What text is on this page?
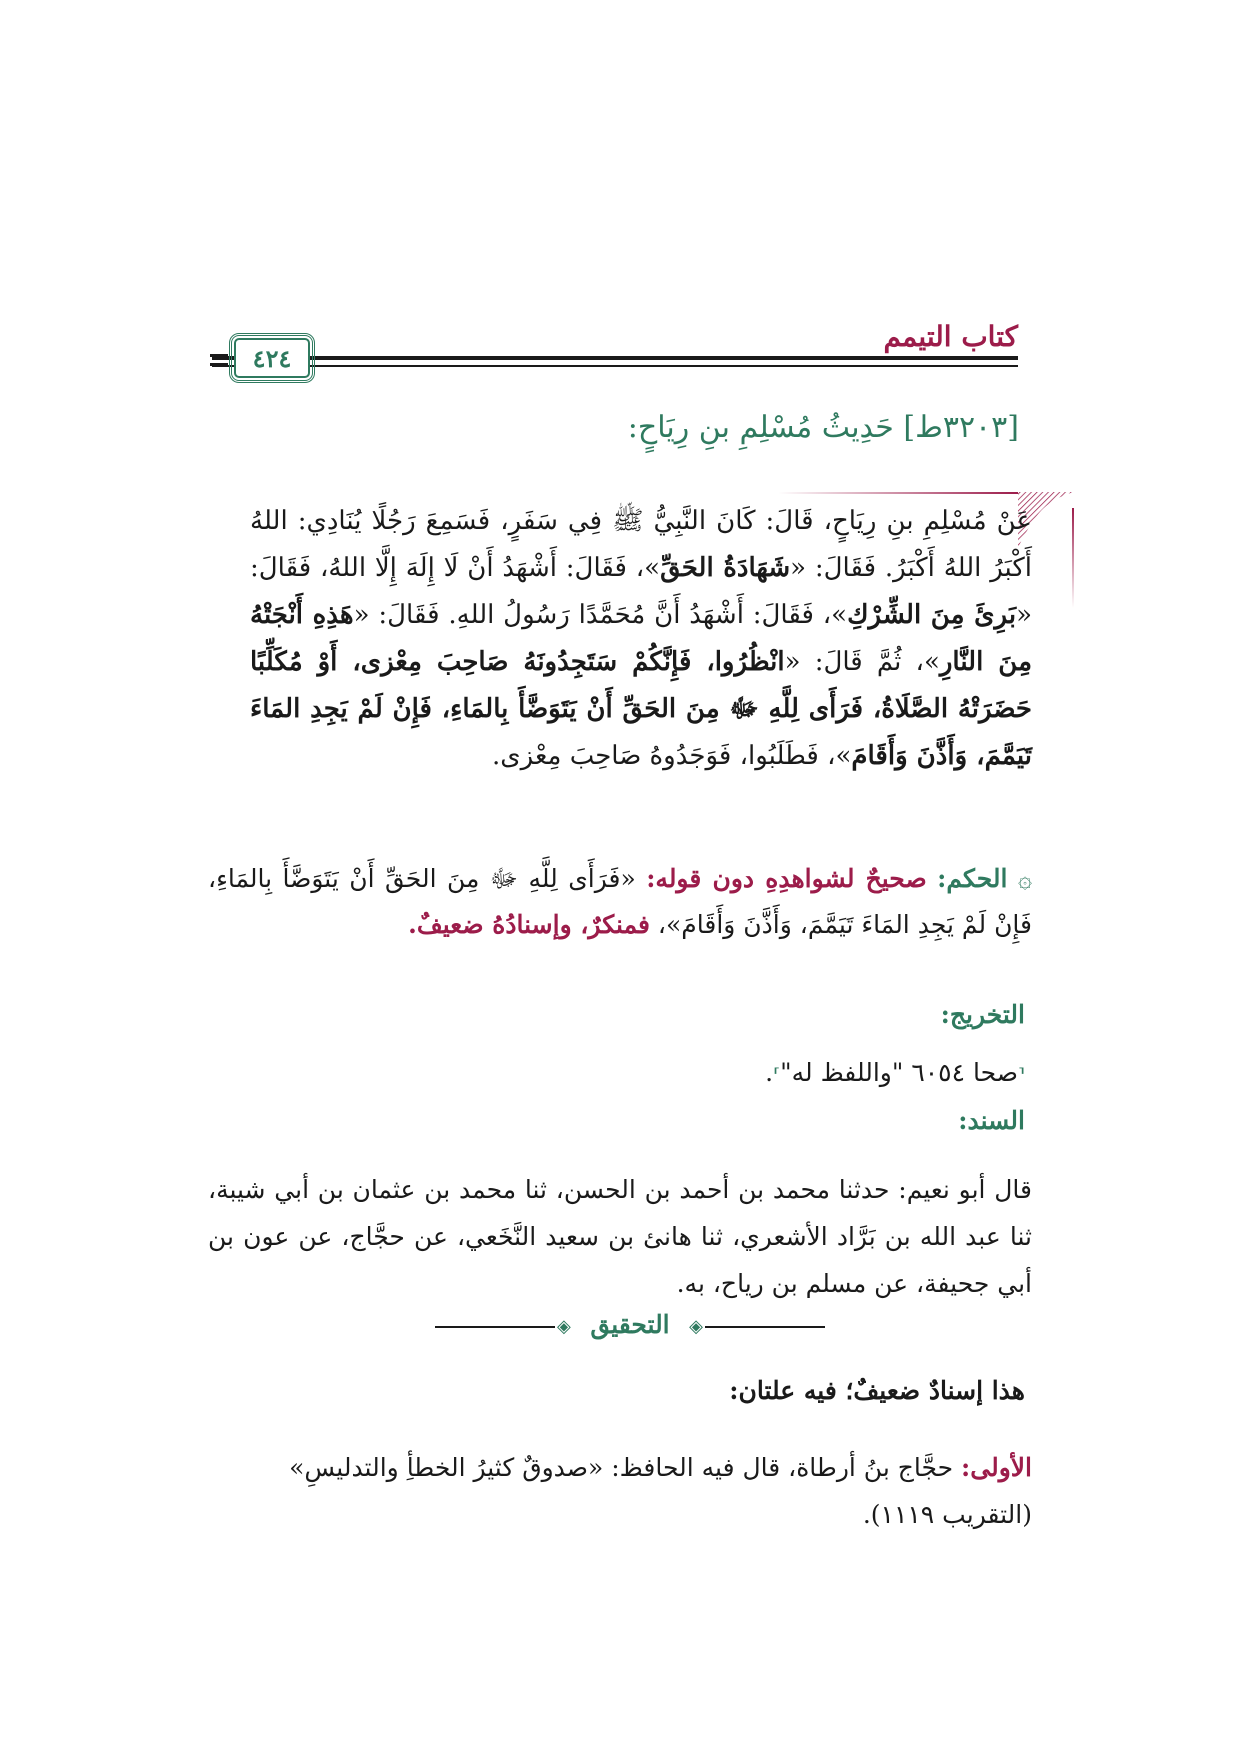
كتاب التيمم
٤٢٤
[٣٢٠٣ط] حَدِيثُ مُسْلِمِ بنِ رِيَاحٍ:
عَنْ مُسْلِمِ بنِ رِيَاحٍ، قَالَ: كَانَ النَّبِيُّ ﷺ فِي سَفَرٍ، فَسَمِعَ رَجُلًا يُنَادِي: اللهُ أَكْبَرُ اللهُ أَكْبَرُ. فَقَالَ: «شَهَادَةُ الحَقِّ»، فَقَالَ: أَشْهَدُ أَنْ لَا إِلَهَ إِلَّا اللهُ، فَقَالَ: «بَرِئَ مِنَ الشِّرْكِ»، فَقَالَ: أَشْهَدُ أَنَّ مُحَمَّدًا رَسُولُ اللهِ. فَقَالَ: «هَذِهِ أَنْجَتْهُ مِنَ النَّارِ»، ثُمَّ قَالَ: «انْظُرُوا، فَإِنَّكُمْ سَتَجِدُونَهُ صَاحِبَ مِعْزى، أَوْ مُكَلِّبًا حَضَرَتْهُ الصَّلَاةُ، فَرَأَى لِلَّهِ ﷻ مِنَ الحَقِّ أَنْ يَتَوَضَّأَ بِالمَاءِ، فَإِنْ لَمْ يَجِدِ المَاءَ تَيَمَّمَ، وَأَذَّنَ وَأَقَامَ»، فَطَلَبُوا، فَوَجَدُوهُ صَاحِبَ مِعْزى.
۞ الحكم: صحيحٌ لشواهدِهِ دون قوله: «فَرَأَى لِلَّهِ ﷻ مِنَ الحَقِّ أَنْ يَتَوَضَّأَ بِالمَاءِ، فَإِنْ لَمْ يَجِدِ المَاءَ تَيَمَّمَ، وَأَذَّنَ وَأَقَامَ»، فمنكرٌ، وإسنادُهُ ضعيفٌ.
التخريج:
⸢صحا ٦٠٥٤ "واللفظ له"⸣.
السند:
قال أبو نعيم: حدثنا محمد بن أحمد بن الحسن، ثنا محمد بن عثمان بن أبي شيبة، ثنا عبد الله بن بَرَّاد الأشعري، ثنا هانئ بن سعيد النَّخَعي، عن حجَّاج، عن عون بن أبي جحيفة، عن مسلم بن رياح، به.
◈	◈
التحقيق
هذا إسنادٌ ضعيفٌ؛ فيه علتان:
الأولى: حجَّاج بنُ أرطاة، قال فيه الحافظ: «صدوقٌ كثيرُ الخطأِ والتدليسِ» (التقريب ١١١٩).
